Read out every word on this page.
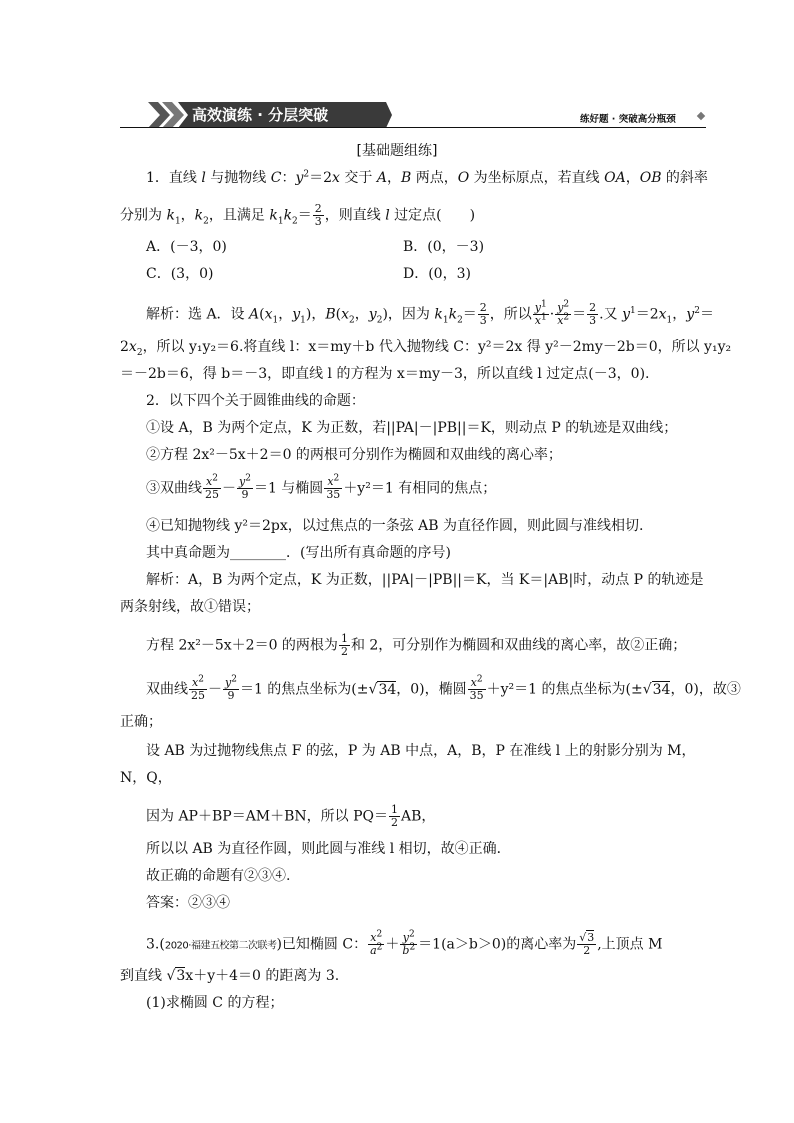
高效演练 · 分层突破	练好题 · 突破高分瓶颈
[基础题组练]
1．直线 l 与抛物线 C：$y^2=2x$ 交于 A，B 两点，O 为坐标原点，若直线 OA，OB 的斜率
分别为 $k_1$，$k_2$，且满足 $k_1k_2= \frac{2}{3}$ ，则直线 l 过定点(　　)
A．(－3，0)	B．(0，－3)
C．(3，0)	D．(0，3)
解析：选 A．设 $A(x_1$，$y_1$)，$B(x_2$，$y_2$)，因为 $k_1k_2= \frac{2}{3}$ ，所以 $\frac{y^1}{x^1} \cdot \frac{y^2}{x^2} = \frac{2}{3}$ .又 $y^1=2x_1$，$y^2=$
$2x_2$，所以 y₁y₂＝6.将直线 l：x＝my＋b 代入抛物线 C：y²＝2x 得 y²－2my－2b＝0，所以 y₁y₂
＝－2b＝6，得 b＝－3，即直线 l 的方程为 x＝my－3，所以直线 l 过定点(－3，0).
2．以下四个关于圆锥曲线的命题：
①设 A，B 为两个定点，K 为正数，若||PA|－|PB||＝K，则动点 P 的轨迹是双曲线；
②方程 2x²－5x＋2＝0 的两根可分别作为椭圆和双曲线的离心率；
③双曲线 $\frac{x^2}{25} - \frac{y^2}{9} =1$ 与椭圆 $\frac{x^2}{35} +y^2=1$ 有相同的焦点；
④已知抛物线 y²＝2px，以过焦点的一条弦 AB 为直径作圆，则此圆与准线相切.
其中真命题为________．(写出所有真命题的序号)
解析：A，B 为两个定点，K 为正数，||PA|－|PB||＝K，当 K＝|AB|时，动点 P 的轨迹是
两条射线，故①错误；
方程 2x²－5x＋2＝0 的两根为 $\frac{1}{2}$ 和 2，可分别作为椭圆和双曲线的离心率，故②正确；
双曲线 $\frac{x^2}{25} - \frac{y^2}{9} =1$ 的焦点坐标为(±√34，0)，椭圆 $\frac{x^2}{35} +y^2=1$ 的焦点坐标为(±√34，0)，故③
正确；
设 AB 为过抛物线焦点 F 的弦，P 为 AB 中点，A，B，P 在准线 l 上的射影分别为 M，
N，Q，
因为 AP＋BP＝AM＋BN，所以 $PQ= \frac{1}{2}$ AB，
所以以 AB 为直径作圆，则此圆与准线 l 相切，故④正确．
故正确的命题有②③④.
答案：②③④
3.(2020·福建五校第二次联考)已知椭圆 C： $\frac{x^2}{a^2} + \frac{y^2}{b^2} =1(a>b>0)$的离心率为 $\frac{√3}{2}$ ,上顶点 M
到直线 √3x＋y＋4＝0 的距离为 3.
(1)求椭圆 C 的方程；
